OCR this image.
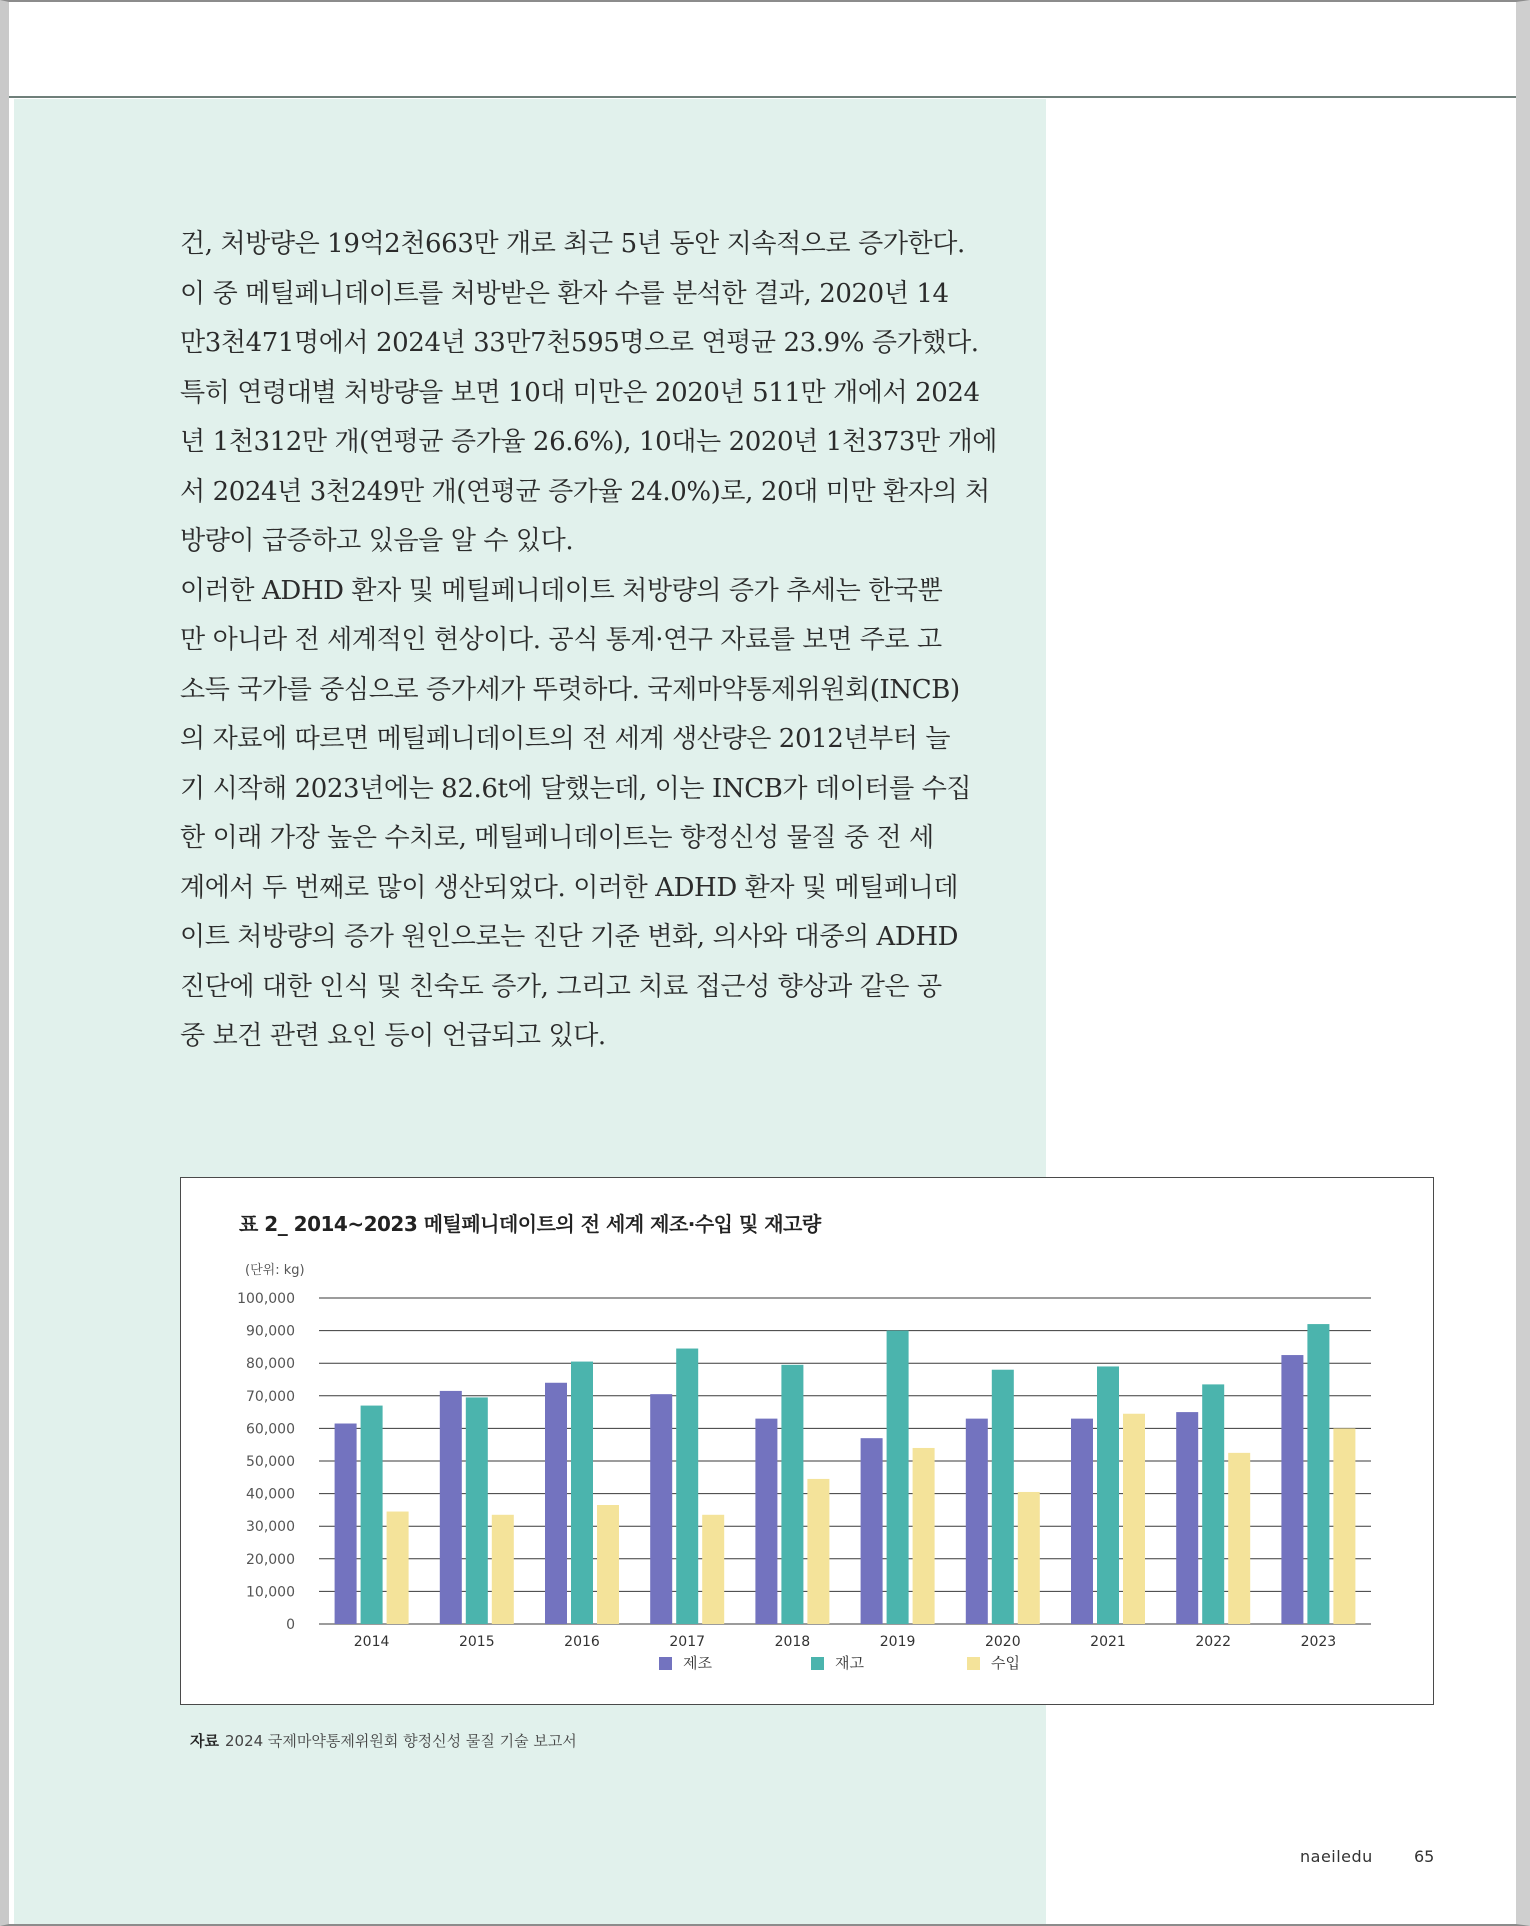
건, 처방량은 19억2천663만 개로 최근 5년 동안 지속적으로 증가한다.

이 중 메틸페니데이트를 처방받은 환자 수를 분석한 결과, 2020년 14

만3천471명에서 2024년 33만7천595명으로 연평균 23.9% 증가했다.

특히 연령대별 처방량을 보면 10대 미만은 2020년 511만 개에서 2024

년 1천312만 개(연평균 증가율 26.6%), 10대는 2020년 1천373만 개에

서 2024년 3천249만 개(연평균 증가율 24.0%)로, 20대 미만 환자의 처

방량이 급증하고 있음을 알 수 있다.

이러한 ADHD 환자 및 메틸페니데이트 처방량의 증가 추세는 한국뿐

만 아니라 전 세계적인 현상이다. 공식 통계·연구 자료를 보면 주로 고

소득 국가를 중심으로 증가세가 뚜렷하다. 국제마약통제위원회(INCB)

의 자료에 따르면 메틸페니데이트의 전 세계 생산량은 2012년부터 늘

기 시작해 2023년에는 82.6t에 달했는데, 이는 INCB가 데이터를 수집

한 이래 가장 높은 수치로, 메틸페니데이트는 향정신성 물질 중 전 세

계에서 두 번째로 많이 생산되었다. 이러한 ADHD 환자 및 메틸페니데

이트 처방량의 증가 원인으로는 진단 기준 변화, 의사와 대중의 ADHD

진단에 대한 인식 및 친숙도 증가, 그리고 치료 접근성 향상과 같은 공

중 보건 관련 요인 등이 언급되고 있다.

표 2_ 2014~2023 메틸페니데이트의 전 세계 제조·수입 및 재고량
(단위: kg)
100,000
90,000
80,000
70,000
60,000
50,000
40,000
30,000
20,000
10,000
0
2014	2015	2016	2017	2018	2019	2020	2021	2022	2023
제조	재고	수입
자료 2024 국제마약통제위원회 향정신성 물질 기술 보고서
naeiledu	65
